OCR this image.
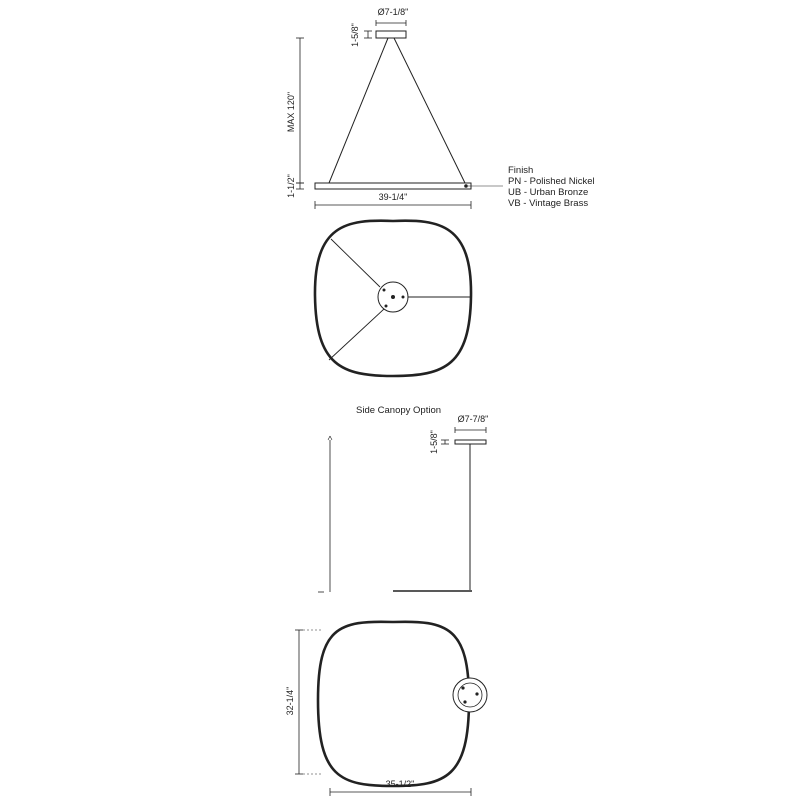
Ø7-1/8"
1-5/8"
MAX 120"
1-1/2"	39-1/4"
Finish
PN - Polished Nickel
UB - Urban Bronze
VB - Vintage Brass
Side Canopy Option
Ø7-7/8"
1-5/8"
32-1/4"
35-1/2"
